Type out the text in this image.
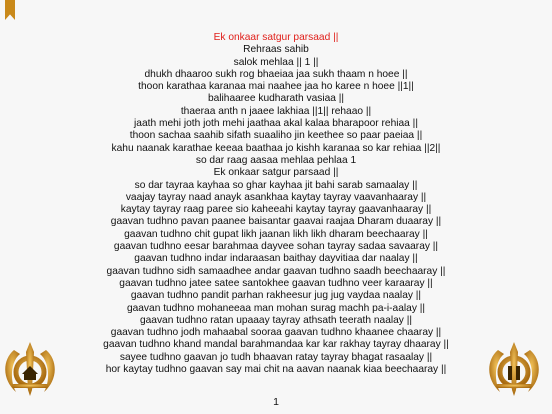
Ek onkaar satgur parsaad ||
Rehraas sahib
salok mehlaa || 1 ||
dhukh dhaaroo sukh rog bhaeiaa jaa sukh thaam n hoee ||
thoon karathaa karanaa mai naahee jaa ho karee n hoee ||1||
balihaaree kudharath vasiaa ||
thaeraa anth n jaaee lakhiaa ||1|| rehaao ||
jaath mehi joth joth mehi jaathaa akal kalaa bharapoor rehiaa ||
thoon sachaa saahib sifath suaaliho jin keethee so paar paeiaa ||
kahu naanak karathae keeaa baathaa jo kishh karanaa so kar rehiaa ||2||
so dar raag aasaa mehlaa pehlaa 1
Ek onkaar satgur parsaad ||
so dar tayraa kayhaa so ghar kayhaa jit bahi sarab samaalay ||
vaajay tayray naad anayk asankhaa kaytay tayray vaavanhaaray ||
kaytay tayray raag paree sio kaheeahi kaytay tayray gaavanhaaray ||
gaavan tudhno pavan paanee baisantar gaavai raajaa Dharam duaaray ||
gaavan tudhno chit gupat likh jaanan likh likh dharam beechaaray ||
gaavan tudhno eesar barahmaa dayvee sohan tayray sadaa savaaray ||
gaavan tudhno indar indaraasan baithay dayvitiaa dar naalay ||
gaavan tudhno sidh samaadhee andar gaavan tudhno saadh beechaaray ||
gaavan tudhno jatee satee santokhee gaavan tudhno veer karaaray ||
gaavan tudhno pandit parhan rakheesur jug jug vaydaa naalay ||
gaavan tudhno mohaneeaa man mohan surag machh pa-i-aalay ||
gaavan tudhno ratan upaaay tayray athsath teerath naalay ||
gaavan tudhno jodh mahaabal sooraa gaavan tudhno khaanee chaaray ||
gaavan tudhno khand mandal barahmandaa kar kar rakhay tayray dhaaray ||
sayee tudhno gaavan jo tudh bhaavan ratay tayray bhagat rasaalay ||
hor kaytay tudhno gaavan say mai chit na aavan naanak kiaa beechaaray ||
1
